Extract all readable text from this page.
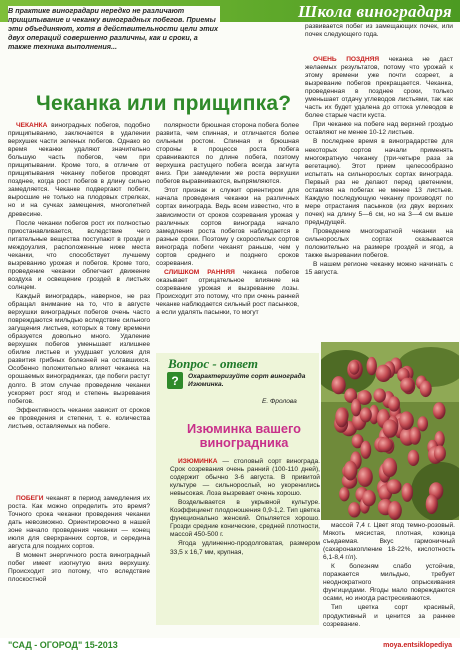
Школа виноградаря

В практике виноградари нередко не различают прищипывание и чеканку виноградных побегов. Приемы эти объединяют, хотя в действительности цели этих двух операций совершенно различны, как и сроки, а также техника выполнения...

развивается побег из замещающих почек, или почек следующего года.
Чеканка или прищипка?

ЧЕКАНКА виноградных побегов, подобно прищипыванию, заключается в удалении верхушек части зеленых побегов. Однако во время чеканки удаляют значительно большую часть побегов, чем при прищипывании. Кроме того, в отличие от прищипывания чеканку побегов проводят позднее, когда рост побегов в длину сильно замедляется. Чеканке подвергают побеги, выросшие не только на плодовых стрелках, но и на сучках замещения, многолетней древесине.

После чеканки побегов рост их полностью приостанавливается, вследствие чего питательные вещества поступают в грозди и междоузлия, расположенные ниже места чеканки, что способствует лучшему вызреванию урожая и побегов. Кроме того, проведение чеканки облегчает движение воздуха и освещение гроздей в листьях солнцем.

Каждый виноградарь, наверное, не раз обращал внимание на то, что в августе верхушки виноградных побегов очень часто повреждаются мильдью вследствие сильного загущения листьев, которых в тому времени образуется довольно много. Удаление верхушек побегов уменьшает излишнее обилие листьев и ухудшает условия для развития грибных болезней на оставшихся. Особенно положительно влияет чеканка на орошаемых виноградниках, где побеги растут долго. В этом случае проведение чеканки ускоряет рост ягод и степень вызревания побегов.

Эффективность чеканки зависит от сроков ее проведения и степени, т. е. количества листьев, оставляемых на побеге.

полярности брюшная сторона побега более развита, чем спинная, и отличается более сильным ростом. Спинная и брюшная стороны в процессе роста побега сравниваются по длине побега, поэтому верхушка растущего побега всегда загнута вниз. При замедлении же роста верхушки побегов выравниваются, выпрямляются.

Этот признак и служит ориентиром для начала проведения чеканки на различных сортах винограда. Ведь всем известно, что в зависимости от сроков созревания урожая у различных сортов винограда начало замедления роста побегов наблюдается в разные сроки. Поэтому у скороспелых сортов винограда побеги чеканят раньше, чем у сортов среднего и позднего сроков созревания.

СЛИШКОМ РАННЯЯ чеканка побегов оказывает отрицательное влияние на созревание урожая и вызревание лозы. Происходит это потому, что при очень ранней чеканке наблюдается сильный рост пасынков, а если удалять пасынки, то могут

ОЧЕНЬ ПОЗДНЯЯ чеканка не даст желаемых результатов, потому что урожай к этому времени уже почти созреет, а вызревание побегов прекращается. Чеканка, проведенная в позднее сроки, только уменьшает отдачу углеводов листьями, так как часть их будет удалена до оттока углеводов в более старые части куста.

При чеканке на побеге над верхней гроздью оставляют не менее 10-12 листьев.

В последнее время в виноградарстве для некоторых сортов начали применять многократную чеканку (три-четыре раза за вегетацию). Этот прием целесообразно испытать на сильнорослых сортах винограда. Первый раз не делают перед цветением, оставляя на побегах не менее 13 листьев. Каждую последующую чеканку производят по мере отрастания пасынков (из двух верхних почек) на длину 5—6 см, но на 3—4 см выше предыдущей.

Проведение многократной чеканки на сильнорослых сортах сказывается положительно на размере гроздей и ягод, а также вызревании побегов.

В нашем регионе чеканку можно начинать с 15 августа.

ПОБЕГИ чеканят в период замедления их роста. Как можно определить это время? Точного срока чеканки проведения чеканки дать невозможно. Ориентировочно в нашей зоне начало проведения чеканки — конец июля для сверхранних сортов, и середина августа для поздних сортов.

В момент энергичного роста виноградный побег имеет изогнутую вниз верхушку. Происходит это потому, что вследствие плоскостной

Вопрос - ответ
? Охарактеризуйте сорт винограда Изюминка.
Е. Фролова
Изюминка вашего виноградника

ИЗЮМИНКА — столовый сорт винограда. Срок созревания очень ранний (100-110 дней), содержит обычно 3-6 августа. В привитой культуре — сильнорослый, но укоренились невысокая. Лоза вызревает очень хорошо.

Возделывается в укрывной культуре. Коэффициент плодоношения 0,9-1,2. Тип цветка функционально женский. Опыляется хорошо. Грозди средние конические, средней плотности, массой 450-500 г.

Ягода удлиненно-продолговатая, размером 33,5 х 16,7 мм, крупная,

массой 7,4 г. Цвет ягод темно-розовый. Мякоть мясистая, плотная, кожица съедаемая. Вкус гармоничный (сахаронакопление 18-22%, кислотность 6,1-8,4 г/л).

К болезням слабо устойчив, поражается мильдью, требует неоднократного опрыскивания фунгицидами. Ягоды мало повреждаются осами, но иногда растрескиваются.

Тип цветка сорт красивый, продуктивный и ценится за раннее созревание.

"САД - ОГОРОД" 15-2013	moya.entsiklopediya
